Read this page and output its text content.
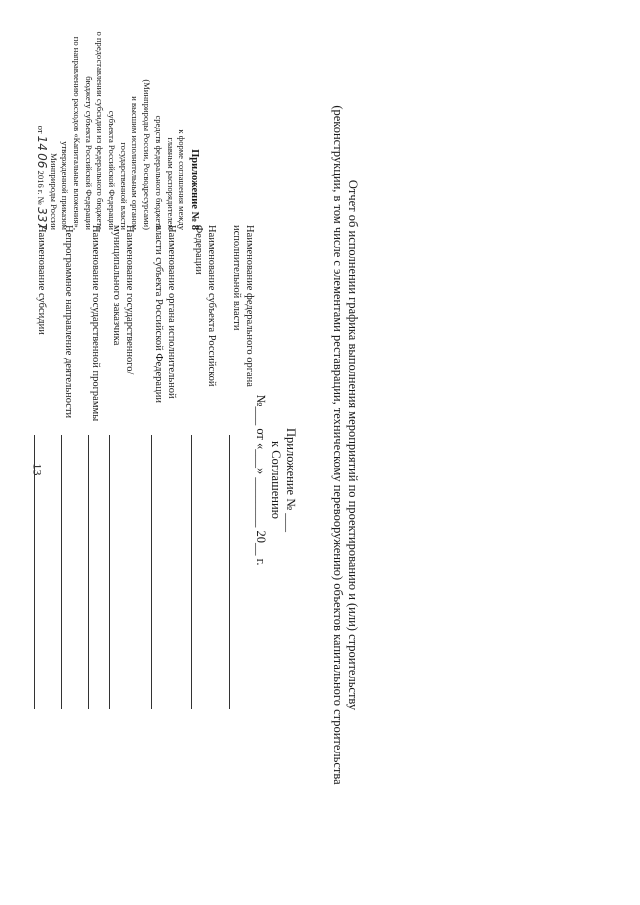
13
Приложение № 8
к форме соглашения между
главным распорядителем
средств федерального бюджета
(Минприроды России, Росводресурсами)
и высшим исполнительным органом
государственной власти
субъекта Российской Федерации
о предоставлении субсидии из федерального бюджета
бюджету субъекта Российской Федерации
по направлению расходов «Капитальные вложения»,
утвержденной приказом
Минприроды России
от 14 06 2016 г. № 337
Приложение № ___
к Соглашению
№___ от «___» ________ 20__ г.	Отчет об исполнении графика выполнения мероприятий по проектированию и (или) строительству
(реконструкции, в том числе с элементами реставрации, техническому перевооружению) объектов капитального строительства
Наименование федерального органа исполнительной власти
Наименование субъекта Российской Федерации
Наименование органа исполнительной власти субъекта Российской Федерации
Наименование государственного/муниципального заказчика
Наименование государственной программы
Непрограммное направление деятельности
Наименование субсидии
